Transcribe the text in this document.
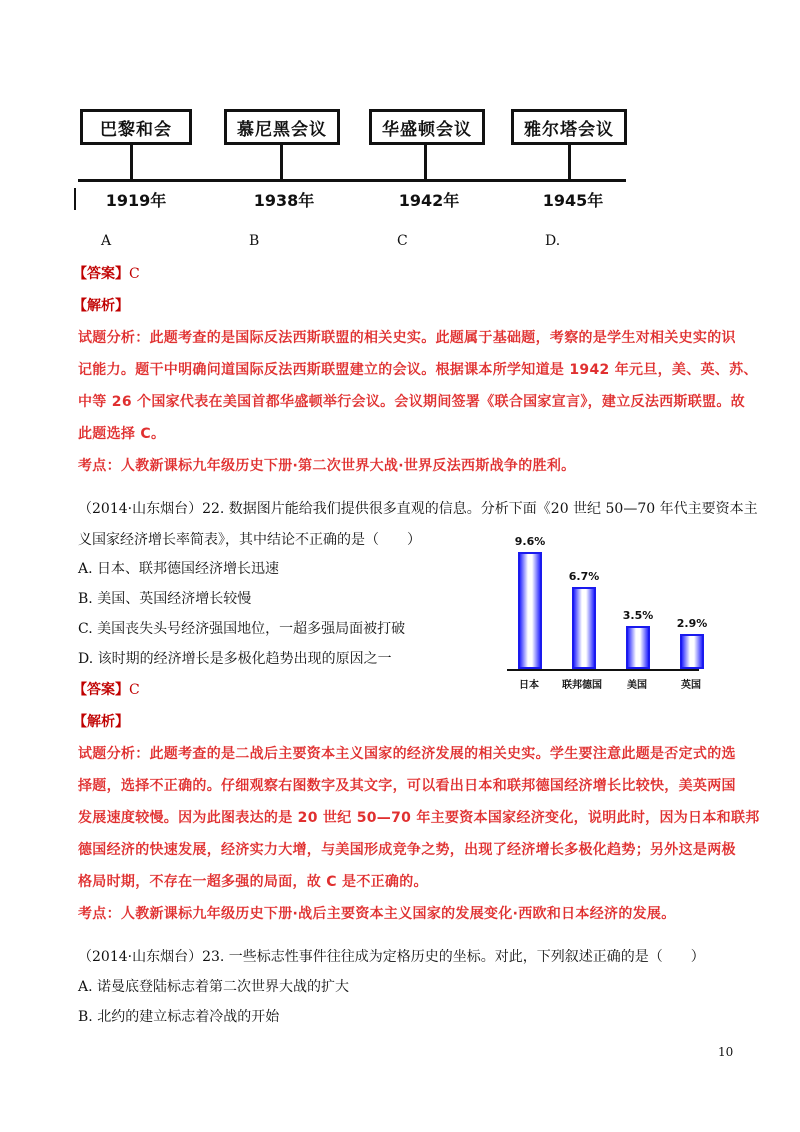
巴黎和会	慕尼黑会议	华盛顿会议	雅尔塔会议
1919年	1938年	1942年	1945年
A	B	C	D.
【答案】C
【解析】
试题分析：此题考查的是国际反法西斯联盟的相关史实。此题属于基础题，考察的是学生对相关史实的识
记能力。题干中明确问道国际反法西斯联盟建立的会议。根据课本所学知道是 1942 年元旦，美、英、苏、
中等 26 个国家代表在美国首都华盛顿举行会议。会议期间签署《联合国家宣言》，建立反法西斯联盟。故
此题选择 C。
考点：人教新课标九年级历史下册·第二次世界大战·世界反法西斯战争的胜利。
（2014·山东烟台）22. 数据图片能给我们提供很多直观的信息。分析下面《20 世纪 50—70 年代主要资本主
义国家经济增长率简表》，其中结论不正确的是（　　）
A. 日本、联邦德国经济增长迅速
B. 美国、英国经济增长较慢
C. 美国丧失头号经济强国地位，一超多强局面被打破
D. 该时期的经济增长是多极化趋势出现的原因之一
9.6%
日本
6.7%
联邦德国
3.5%
美国
2.9%
英国
【答案】C
【解析】
试题分析：此题考查的是二战后主要资本主义国家的经济发展的相关史实。学生要注意此题是否定式的选
择题，选择不正确的。仔细观察右图数字及其文字，可以看出日本和联邦德国经济增长比较快，美英两国
发展速度较慢。因为此图表达的是 20 世纪 50—70 年主要资本国家经济变化，说明此时，因为日本和联邦
德国经济的快速发展，经济实力大增，与美国形成竞争之势，出现了经济增长多极化趋势；另外这是两极
格局时期，不存在一超多强的局面，故 C 是不正确的。
考点：人教新课标九年级历史下册·战后主要资本主义国家的发展变化·西欧和日本经济的发展。
（2014·山东烟台）23. 一些标志性事件往往成为定格历史的坐标。对此，下列叙述正确的是（　　）
A. 诺曼底登陆标志着第二次世界大战的扩大
B. 北约的建立标志着冷战的开始
10
